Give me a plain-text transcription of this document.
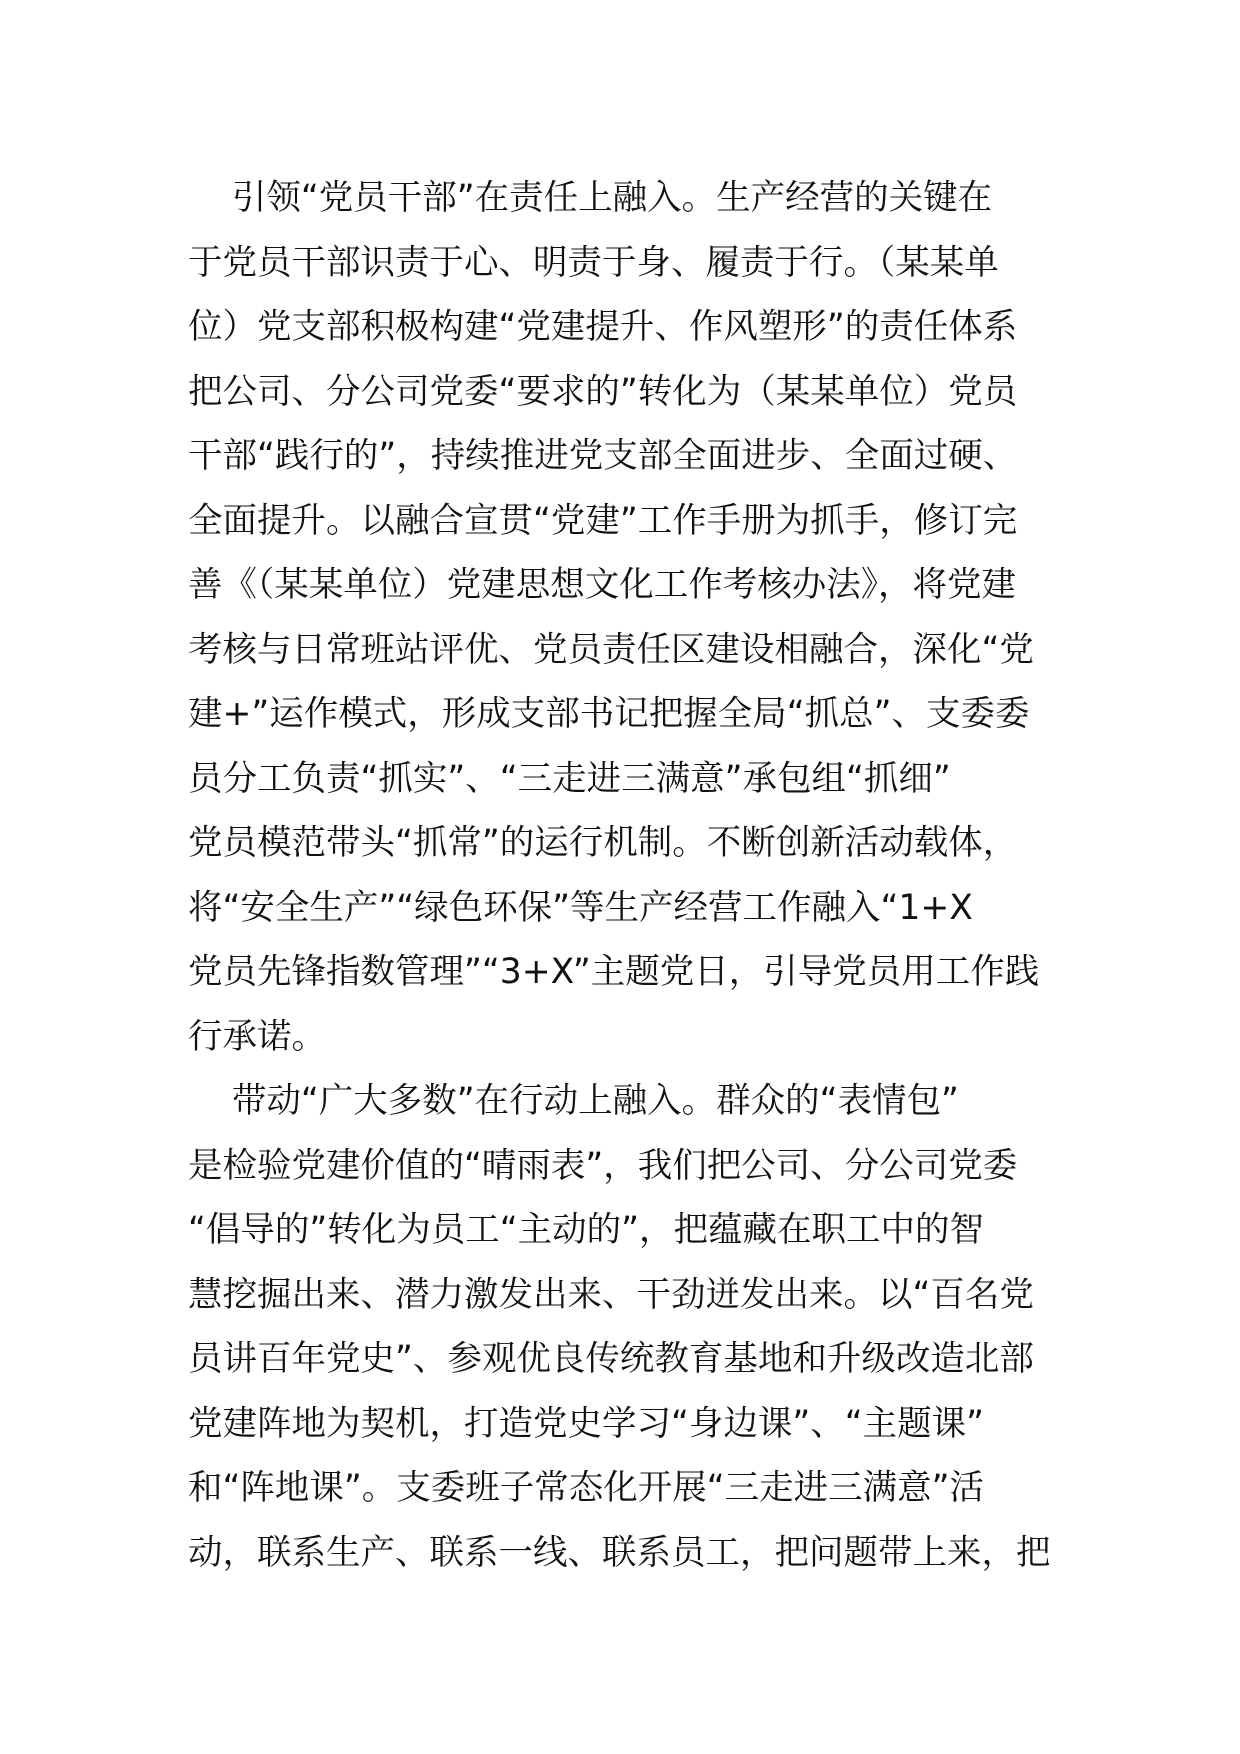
引领“党员干部”在责任上融入。生产经营的关键在
于党员干部识责于心、明责于身、履责于行。（某某单
位）党支部积极构建“党建提升、作风塑形”的责任体系
把公司、分公司党委“要求的”转化为（某某单位）党员
干部“践行的”，持续推进党支部全面进步、全面过硬、
全面提升。以融合宣贯“党建”工作手册为抓手，修订完
善《（某某单位）党建思想文化工作考核办法》，将党建
考核与日常班站评优、党员责任区建设相融合，深化“党
建+”运作模式，形成支部书记把握全局“抓总”、支委委
员分工负责“抓实”、“三走进三满意”承包组“抓细”
党员模范带头“抓常”的运行机制。不断创新活动载体，
将“安全生产”“绿色环保”等生产经营工作融入“1+X
党员先锋指数管理”“3+X”主题党日，引导党员用工作践
行承诺。
带动“广大多数”在行动上融入。群众的“表情包”
是检验党建价值的“晴雨表”，我们把公司、分公司党委
“倡导的”转化为员工“主动的”，把蕴藏在职工中的智
慧挖掘出来、潜力激发出来、干劲迸发出来。以“百名党
员讲百年党史”、参观优良传统教育基地和升级改造北部
党建阵地为契机，打造党史学习“身边课”、“主题课”
和“阵地课”。支委班子常态化开展“三走进三满意”活
动，联系生产、联系一线、联系员工，把问题带上来，把
